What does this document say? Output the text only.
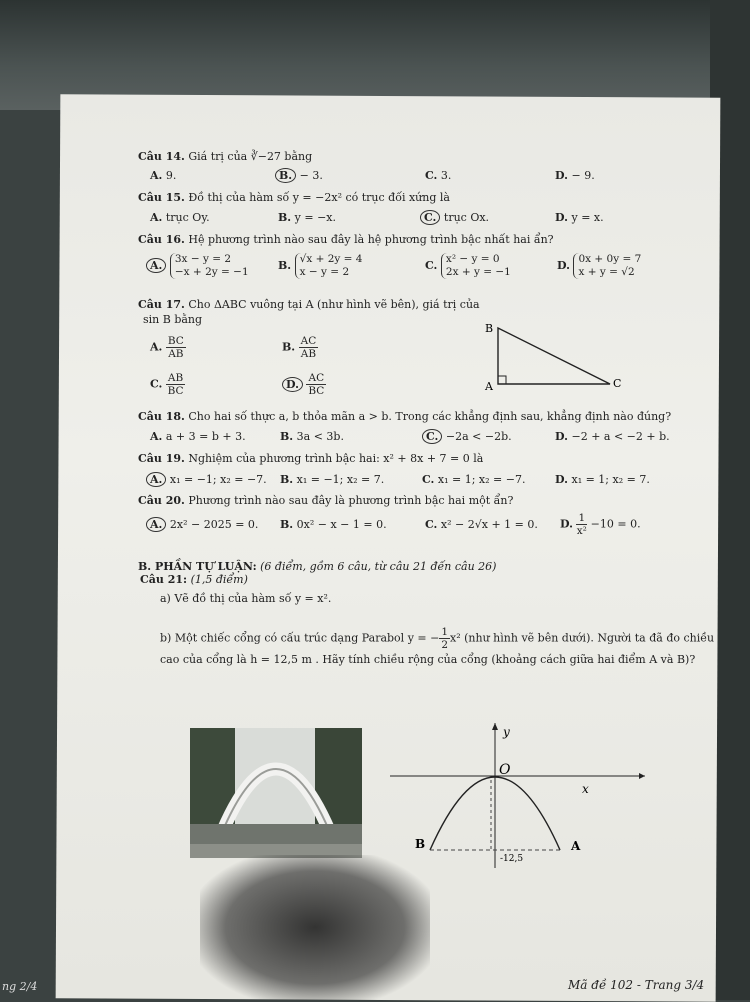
Câu 14. Giá trị của ∛−27 bằng
A. 9.	B. − 3.	C. 3.	D. − 9.
Câu 15. Đồ thị của hàm số y = −2x² có trục đối xứng là
A. trục Oy.	B. y = −x.	C. trục Ox.	D. y = x.
Câu 16. Hệ phương trình nào sau đây là hệ phương trình bậc nhất hai ẩn?
A. 3x − y = 2
−x + 2y = −1	B. √x + 2y = 4
x − y = 2	C. x² − y = 0
2x + y = −1	D. 0x + 0y = 7
x + y = √2
Câu 17. Cho ΔABC vuông tại A (như hình vẽ bên), giá trị của
sin B bằng
A. $\frac{BC}{AB}$	B. $\frac{AC}{AB}$
C. $\frac{AB}{BC}$	D. $\frac{AC}{BC}$
B
A	C
Câu 18. Cho hai số thực a, b thỏa mãn a > b. Trong các khẳng định sau, khẳng định nào đúng?
A. a + 3 = b + 3.	B. 3a < 3b.	C. −2a < −2b.	D. −2 + a < −2 + b.
Câu 19. Nghiệm của phương trình bậc hai: x² + 8x + 7 = 0 là
A. x₁ = −1; x₂ = −7. B. x₁ = −1; x₂ = 7.	C. x₁ = 1; x₂ = −7.	D. x₁ = 1; x₂ = 7.
Câu 20. Phương trình nào sau đây là phương trình bậc hai một ẩn?
A. 2x² − 2025 = 0. B. 0x² − x − 1 = 0.	C. x² − 2√x + 1 = 0. D. $\frac{1}{\text{x²}} -10 = 0$.
B. PHẦN TỰ LUẬN: (6 điểm, gồm 6 câu, từ câu 21 đến câu 26)
Câu 21: (1,5 điểm)
a) Vẽ đồ thị của hàm số y = x².
b) Một chiếc cổng có cấu trúc dạng Parabol y = − $\frac{1}{2} x^2$ (như hình vẽ bên dưới). Người ta đã đo chiều
cao của cổng là h = 12,5 m . Hãy tính chiều rộng của cổng (khoảng cách giữa hai điểm A và B)?
y
O
x
B	A
-12,5
ng 2/4	Mã đề 102 - Trang 3/4
